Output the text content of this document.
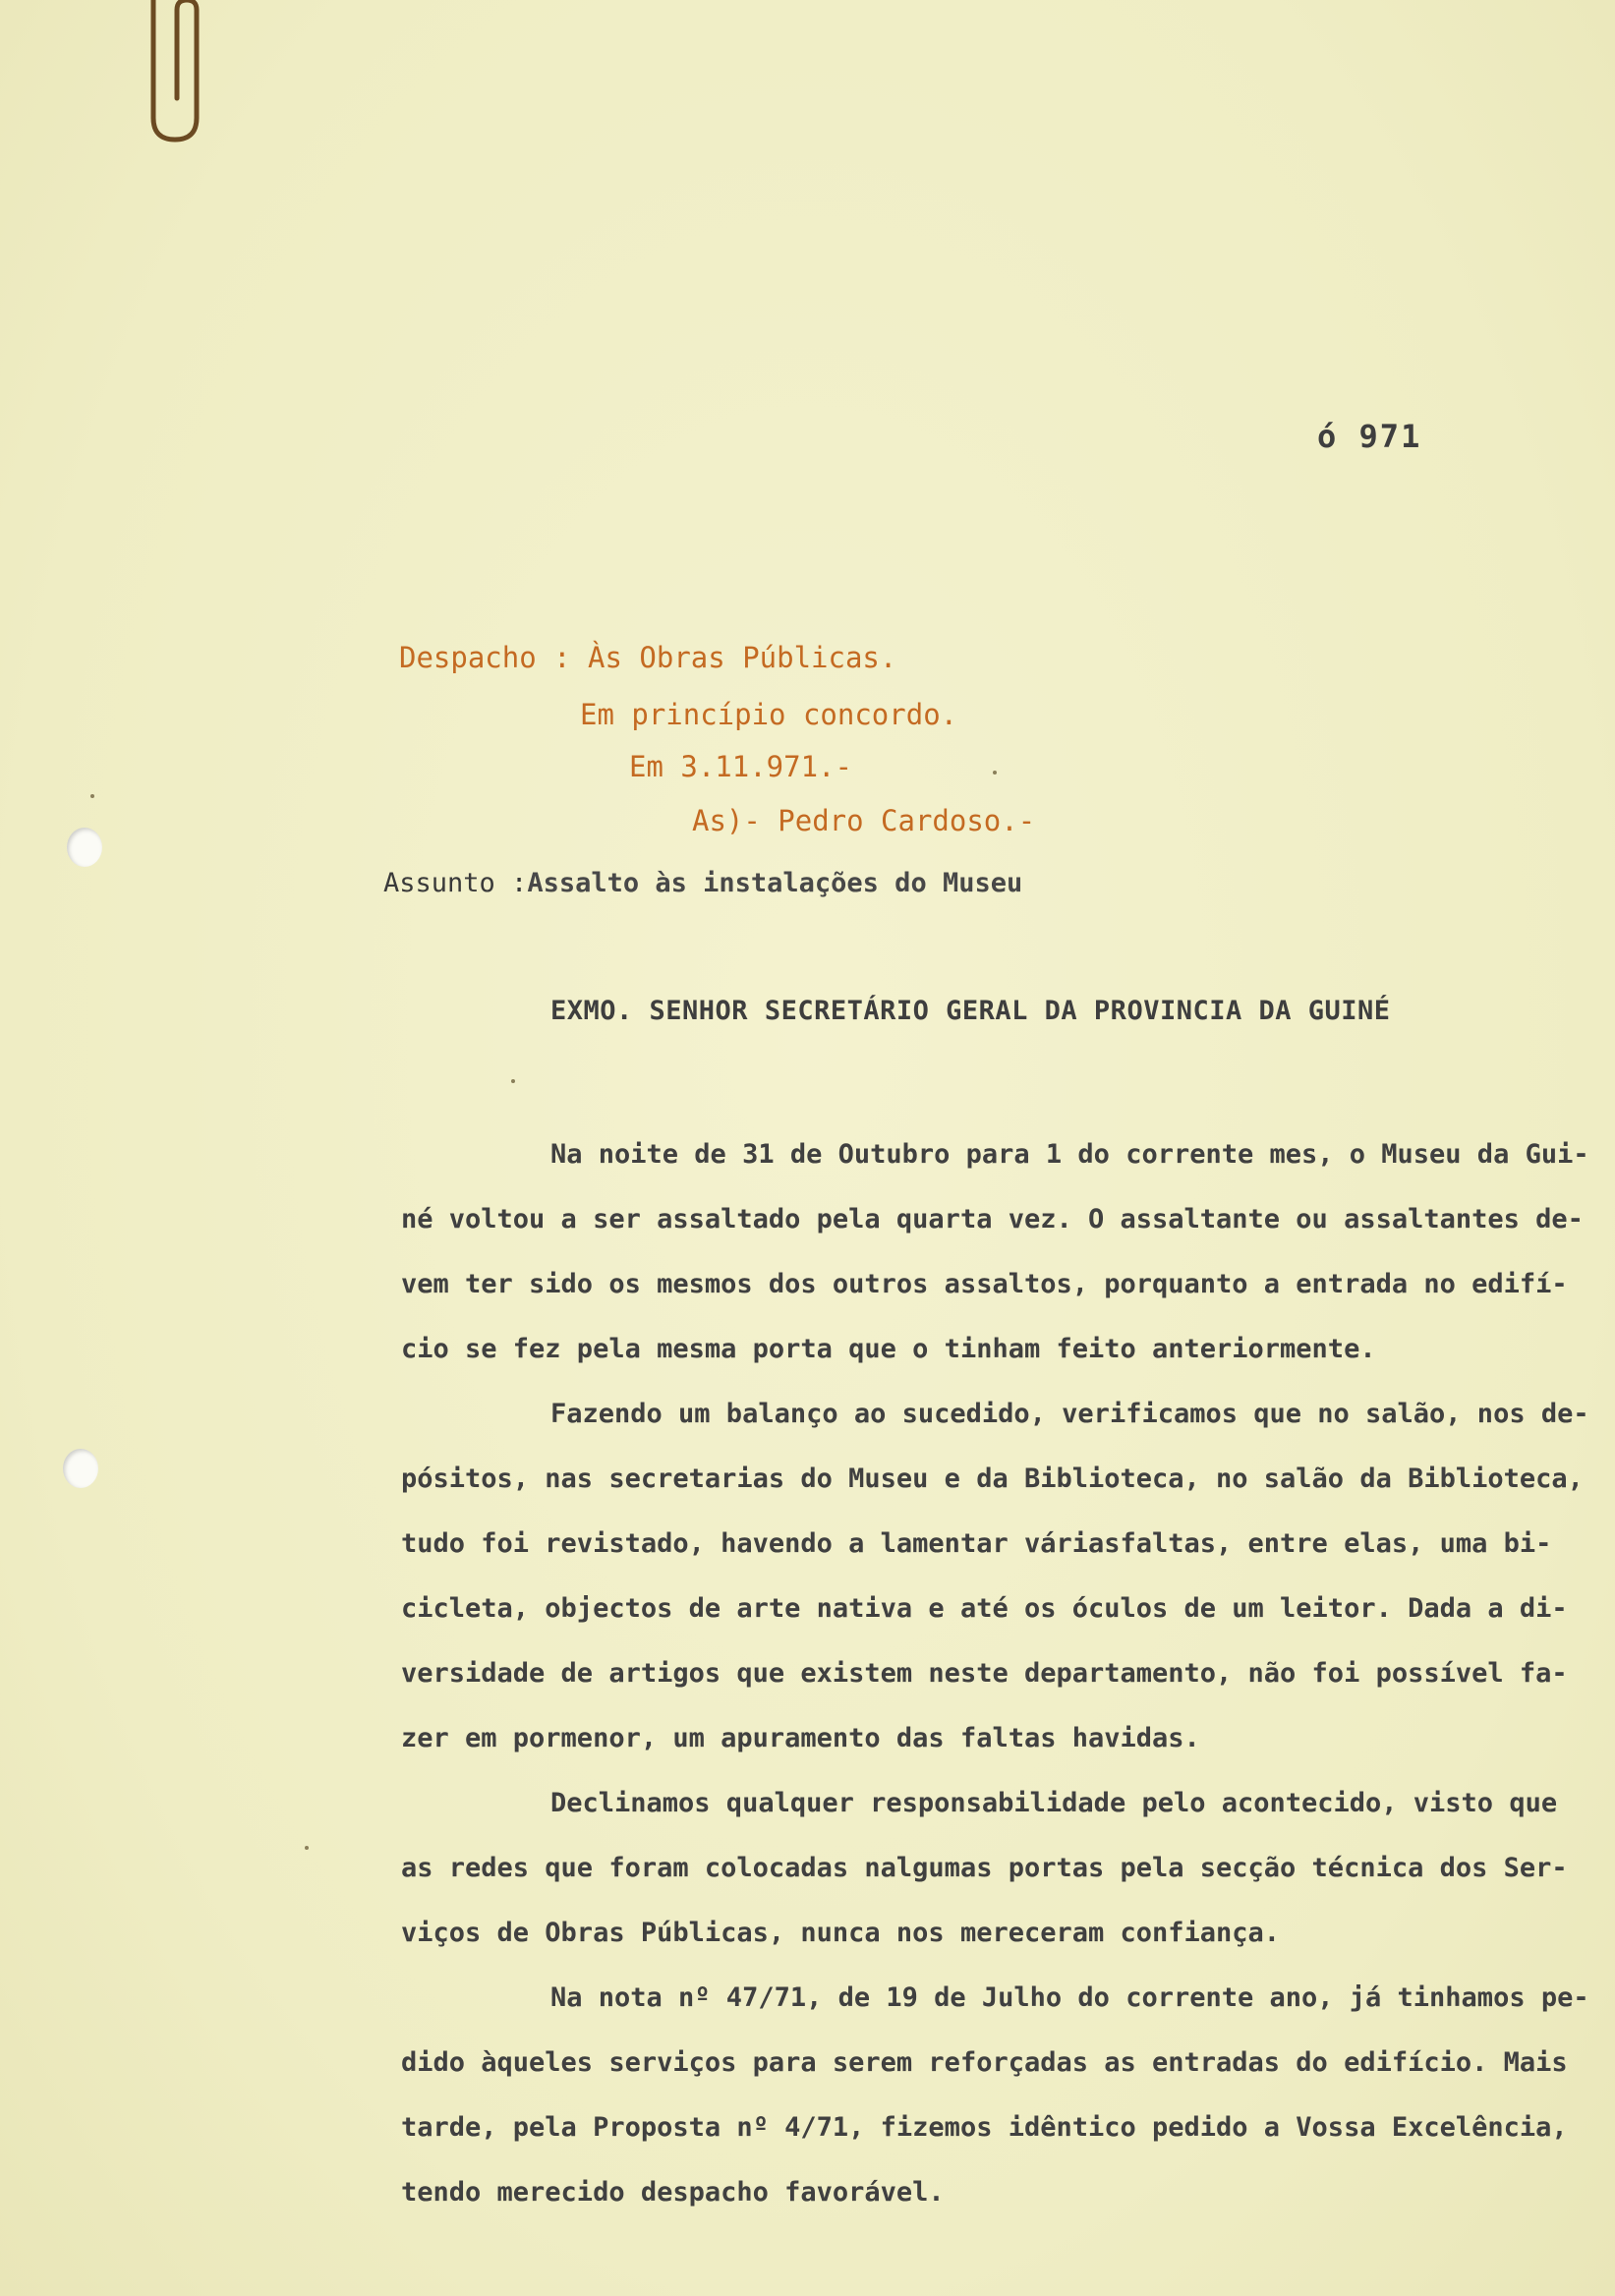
ó 971
Despacho : Às Obras Públicas.
Em princípio concordo.
Em 3.11.971.-
As)- Pedro Cardoso.-
Assunto :Assalto às instalações do Museu
EXMO. SENHOR SECRETÁRIO GERAL DA PROVINCIA DA GUINÉ
Na noite de 31 de Outubro para 1 do corrente mes, o Museu da Gui-
né voltou a ser assaltado pela quarta vez. O assaltante ou assaltantes de-
vem ter sido os mesmos dos outros assaltos, porquanto a entrada no edifí-
cio se fez pela mesma porta que o tinham feito anteriormente.
Fazendo um balanço ao sucedido, verificamos que no salão, nos de-
pósitos, nas secretarias do Museu e da Biblioteca, no salão da Biblioteca,
tudo foi revistado, havendo a lamentar váriasfaltas, entre elas, uma bi-
cicleta, objectos de arte nativa e até os óculos de um leitor. Dada a di-
versidade de artigos que existem neste departamento, não foi possível fa-
zer em pormenor, um apuramento das faltas havidas.
Declinamos qualquer responsabilidade pelo acontecido, visto que
as redes que foram colocadas nalgumas portas pela secção técnica dos Ser-
viços de Obras Públicas, nunca nos mereceram confiança.
Na nota nº 47/71, de 19 de Julho do corrente ano, já tinhamos pe-
dido àqueles serviços para serem reforçadas as entradas do edifício. Mais
tarde, pela Proposta nº 4/71, fizemos idêntico pedido a Vossa Excelência,
tendo merecido despacho favorável.
